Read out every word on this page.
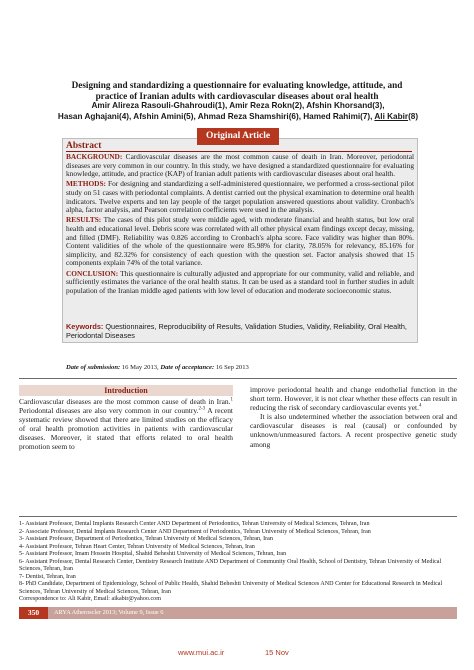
Designing and standardizing a questionnaire for evaluating knowledge, attitude, and practice of Iranian adults with cardiovascular diseases about oral health
Amir Alireza Rasouli-Ghahroudi(1), Amir Reza Rokn(2), Afshin Khorsand(3),
Hasan Aghajani(4), Afshin Amini(5), Ahmad Reza Shamshiri(6), Hamed Rahimi(7), Ali Kabir(8)
Original Article
Abstract

BACKGROUND: Cardiovascular diseases are the most common cause of death in Iran. Moreover, periodontal diseases are very common in our country. In this study, we have designed a standardized questionnaire for evaluating knowledge, attitude, and practice (KAP) of Iranian adult patients with cardiovascular diseases about oral health.

METHODS: For designing and standardizing a self-administered questionnaire, we performed a cross-sectional pilot study on 51 cases with periodontal complaints. A dentist carried out the physical examination to determine oral health indicators. Twelve experts and ten lay people of the target population answered questions about validity. Cronbach's alpha, factor analysis, and Pearson correlation coefficients were used in the analysis.

RESULTS: The cases of this pilot study were middle aged, with moderate financial and health status, but low oral health and educational level. Debris score was correlated with all other physical exam findings except decay, missing, and filled (DMF). Reliability was 0.826 according to Cronbach's alpha score. Face validity was higher than 80%. Content validities of the whole of the questionnaire were 85.98% for clarity, 78.05% for relevancy, 85.16% for simplicity, and 82.32% for consistency of each question with the question set. Factor analysis showed that 15 components explain 74% of the total variance.

CONCLUSION: This questionnaire is culturally adjusted and appropriate for our community, valid and reliable, and sufficiently estimates the variance of the oral health status. It can be used as a standard tool in further studies in adult population of the Iranian middle aged patients with low level of education and moderate socioeconomic status.

Keywords: Questionnaires, Reproducibility of Results, Validation Studies, Validity, Reliability, Oral Health, Periodontal Diseases
Date of submission: 16 May 2013, Date of acceptance: 16 Sep 2013
Introduction

Cardiovascular diseases are the most common cause of death in Iran.$^1$ Periodontal diseases are also very common in our country.$^{2-3}$ A recent systematic review showed that there are limited studies on the efficacy of oral health promotion activities in patients with cardiovascular diseases. Moreover, it stated that efforts related to oral health promotion seem to

improve periodontal health and change endothelial function in the short term. However, it is not clear whether these effects can result in reducing the risk of secondary cardiovascular events yet.$^4$

It is also undetermined whether the association between oral and cardiovascular diseases is real (causal) or confounded by unknown/unmeasured factors. A recent prospective genetic study among

1- Assistant Professor, Dental Implants Research Center AND Department of Periodontics, Tehran University of Medical Sciences, Tehran, Iran
2- Associate Professor, Dental Implants Research Center AND Department of Periodontics, Tehran University of Medical Sciences, Tehran, Iran
3- Assistant Professor, Department of Periodontics, Tehran University of Medical Sciences, Tehran, Iran
4- Assistant Professor, Tehran Heart Center, Tehran University of Medical Sciences, Tehran, Iran
5- Assistant Professor, Imam Hossein Hospital, Shahid Beheshti University of Medical Sciences, Tehran, Iran
6- Assistant Professor, Dental Research Center, Dentistry Research Institute AND Department of Community Oral Health, School of Dentistry, Tehran University of Medical Sciences, Tehran, Iran
7- Dentist, Tehran, Iran
8- PhD Candidate, Department of Epidemiology, School of Public Health, Shahid Beheshti University of Medical Sciences AND Center for Educational Research in Medical Sciences, Tehran University of Medical Sciences, Tehran, Iran
Correspondence to: Ali Kabir, Email: aikabir@yahoo.com
350	ARYA Atheroscler 2013; Volume 9, Issue 6
www.mui.ac.ir	15 Nov
